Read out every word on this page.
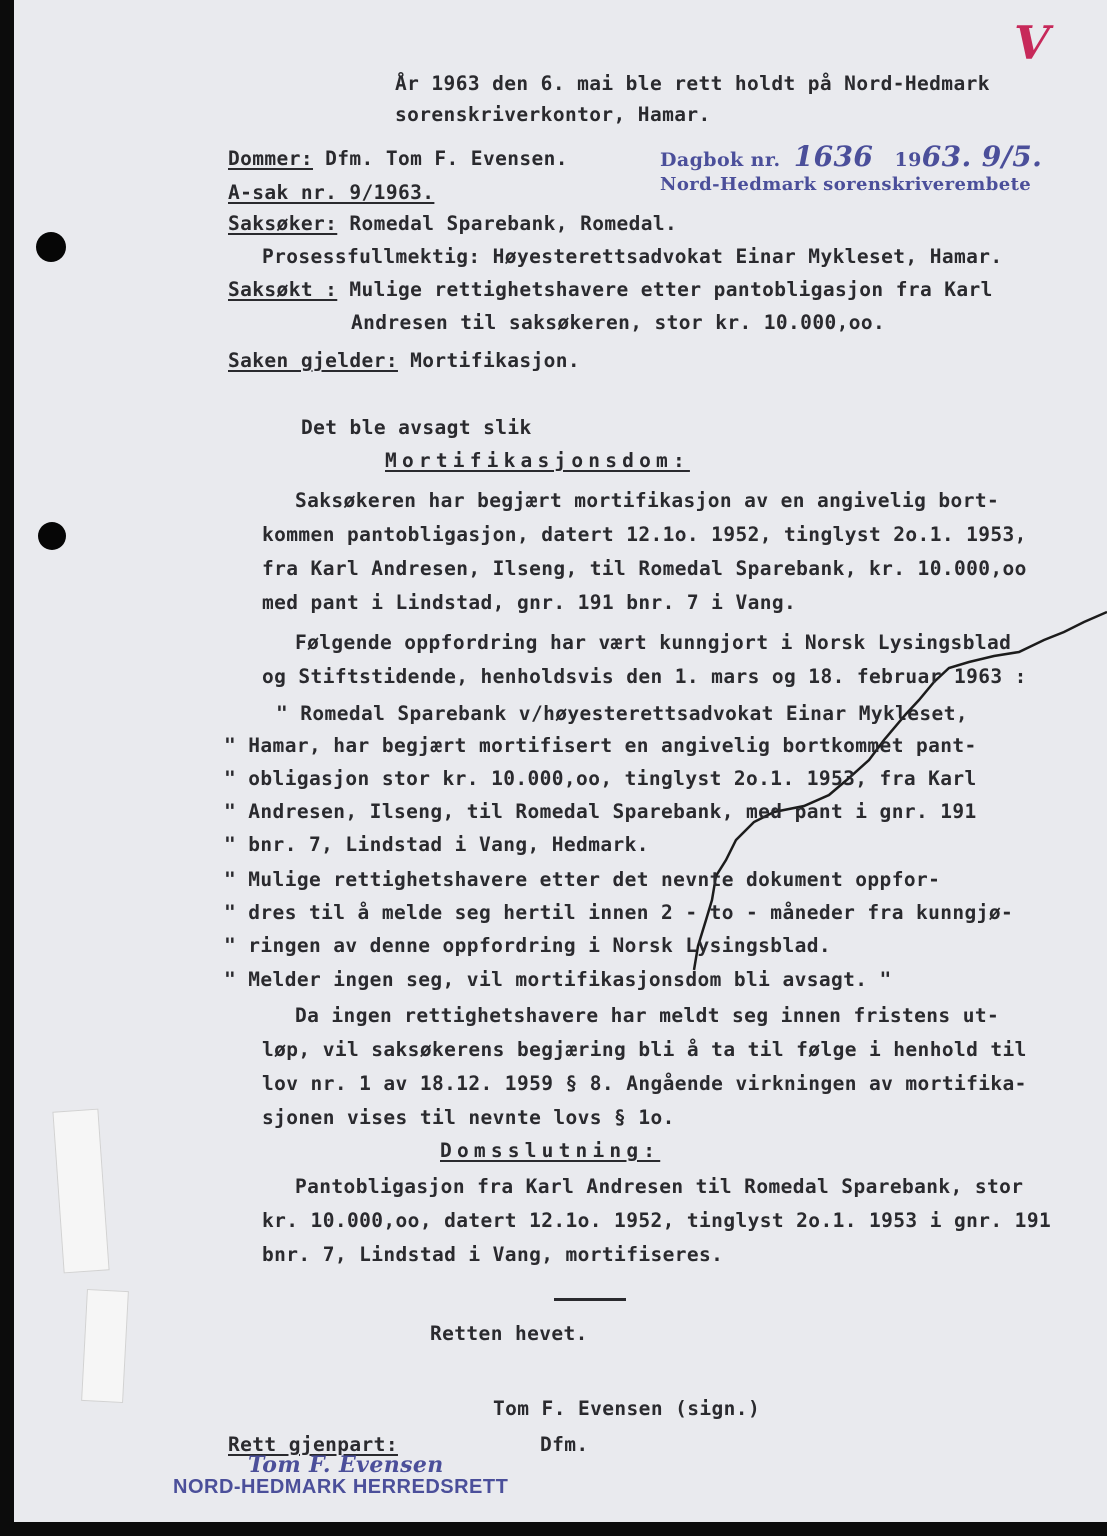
V
År 1963 den 6. mai ble rett holdt på Nord-Hedmark
sorenskriverkontor, Hamar.
Dommer: Dfm. Tom F. Evensen.
A-sak nr. 9/1963.
Saksøker: Romedal Sparebank, Romedal.
Prosessfullmektig: Høyesterettsadvokat Einar Mykleset, Hamar.
Saksøkt : Mulige rettighetshavere etter pantobligasjon fra Karl
Andresen til saksøkeren, stor kr. 10.000,oo.
Saken gjelder: Mortifikasjon.
Dagbok nr. 1636 1963. 9/5.
Nord-Hedmark sorenskriverembete
Det ble avsagt slik
Mortifikasjonsdom:
Saksøkeren har begjært mortifikasjon av en angivelig bort-
kommen pantobligasjon, datert 12.1o. 1952, tinglyst 2o.1. 1953,
fra Karl Andresen, Ilseng, til Romedal Sparebank, kr. 10.000,oo
med pant i Lindstad, gnr. 191 bnr. 7 i Vang.
Følgende oppfordring har vært kunngjort i Norsk Lysingsblad
og Stiftstidende, henholdsvis den 1. mars og 18. februar 1963 :
" Romedal Sparebank v/høyesterettsadvokat Einar Mykleset,
" Hamar, har begjært mortifisert en angivelig bortkommet pant-
" obligasjon stor kr. 10.000,oo, tinglyst 2o.1. 1953, fra Karl
" Andresen, Ilseng, til Romedal Sparebank, med pant i gnr. 191
" bnr. 7, Lindstad i Vang, Hedmark.
" Mulige rettighetshavere etter det nevnte dokument oppfor-
" dres til å melde seg hertil innen 2 - to - måneder fra kunngjø-
" ringen av denne oppfordring i Norsk Lysingsblad.
" Melder ingen seg, vil mortifikasjonsdom bli avsagt. "
Da ingen rettighetshavere har meldt seg innen fristens ut-
løp, vil saksøkerens begjæring bli å ta til følge i henhold til
lov nr. 1 av 18.12. 1959 § 8. Angående virkningen av mortifika-
sjonen vises til nevnte lovs § 1o.
Domsslutning:
Pantobligasjon fra Karl Andresen til Romedal Sparebank, stor
kr. 10.000,oo, datert 12.1o. 1952, tinglyst 2o.1. 1953 i gnr. 191
bnr. 7, Lindstad i Vang, mortifiseres.
Retten hevet.
Tom F. Evensen (sign.)
Dfm.
Rett gjenpart:
Tom F. Evensen
NORD-HEDMARK HERREDSRETT
